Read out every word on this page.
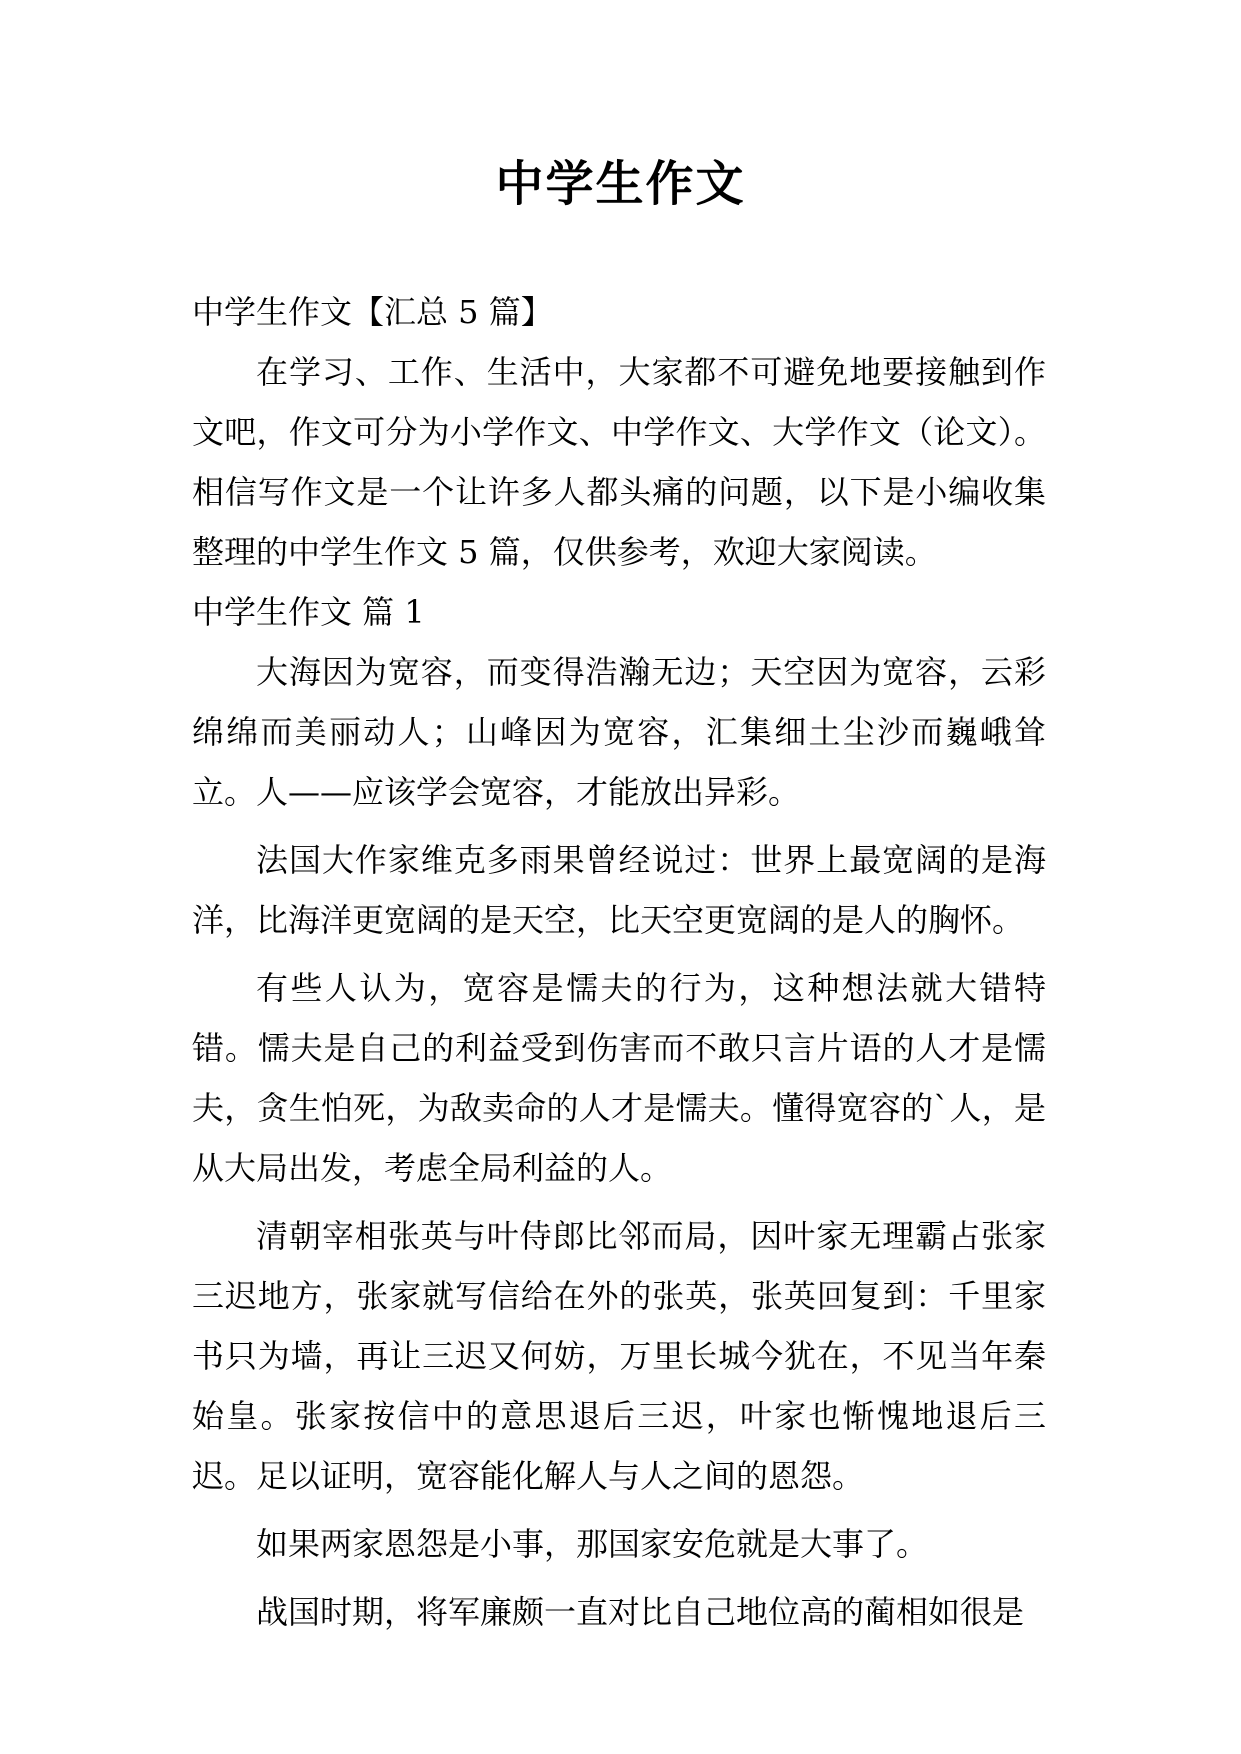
中学生作文

中学生作文【汇总 5 篇】

在学习、工作、生活中，大家都不可避免地要接触到作文吧，作文可分为小学作文、中学作文、大学作文（论文）。相信写作文是一个让许多人都头痛的问题，以下是小编收集整理的中学生作文 5 篇，仅供参考，欢迎大家阅读。

中学生作文 篇 1

大海因为宽容，而变得浩瀚无边；天空因为宽容，云彩绵绵而美丽动人；山峰因为宽容，汇集细土尘沙而巍峨耸立。人——应该学会宽容，才能放出异彩。

法国大作家维克多雨果曾经说过：世界上最宽阔的是海洋，比海洋更宽阔的是天空，比天空更宽阔的是人的胸怀。

有些人认为，宽容是懦夫的行为，这种想法就大错特错。懦夫是自己的利益受到伤害而不敢只言片语的人才是懦夫，贪生怕死，为敌卖命的人才是懦夫。懂得宽容的`人，是从大局出发，考虑全局利益的人。

清朝宰相张英与叶侍郎比邻而局，因叶家无理霸占张家三迟地方，张家就写信给在外的张英，张英回复到：千里家书只为墙，再让三迟又何妨，万里长城今犹在，不见当年秦始皇。张家按信中的意思退后三迟，叶家也惭愧地退后三迟。足以证明，宽容能化解人与人之间的恩怨。

如果两家恩怨是小事，那国家安危就是大事了。

战国时期，将军廉颇一直对比自己地位高的蔺相如很是
